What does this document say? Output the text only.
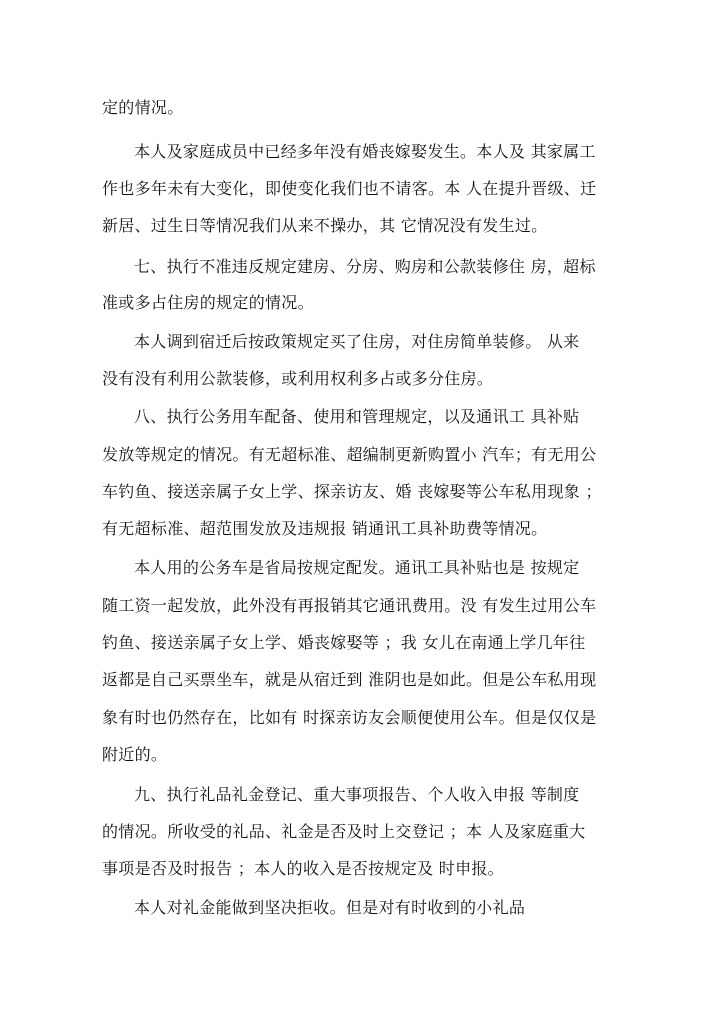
定的情况。
本人及家庭成员中已经多年没有婚丧嫁娶发生。本人及 其家属工
作也多年未有大变化，即使变化我们也不请客。本 人在提升晋级、迁
新居、过生日等情况我们从来不操办，其 它情况没有发生过。
七、执行不准违反规定建房、分房、购房和公款装修住 房，超标
准或多占住房的规定的情况。
本人调到宿迁后按政策规定买了住房，对住房简单装修。 从来
没有没有利用公款装修，或利用权利多占或多分住房。
八、执行公务用车配备、使用和管理规定，以及通讯工 具补贴
发放等规定的情况。有无超标准、超编制更新购置小 汽车；有无用公
车钓鱼、接送亲属子女上学、探亲访友、婚 丧嫁娶等公车私用现象 ；
有无超标准、超范围发放及违规报 销通讯工具补助费等情况。
本人用的公务车是省局按规定配发。通讯工具补贴也是 按规定
随工资一起发放，此外没有再报销其它通讯费用。没 有发生过用公车
钓鱼、接送亲属子女上学、婚丧嫁娶等 ；我 女儿在南通上学几年往
返都是自己买票坐车，就是从宿迁到 淮阴也是如此。但是公车私用现
象有时也仍然存在，比如有 时探亲访友会顺便使用公车。但是仅仅是
附近的。
九、执行礼品礼金登记、重大事项报告、个人收入申报 等制度
的情况。所收受的礼品、礼金是否及时上交登记 ；本 人及家庭重大
事项是否及时报告 ；本人的收入是否按规定及 时申报。
本人对礼金能做到坚决拒收。但是对有时收到的小礼品
